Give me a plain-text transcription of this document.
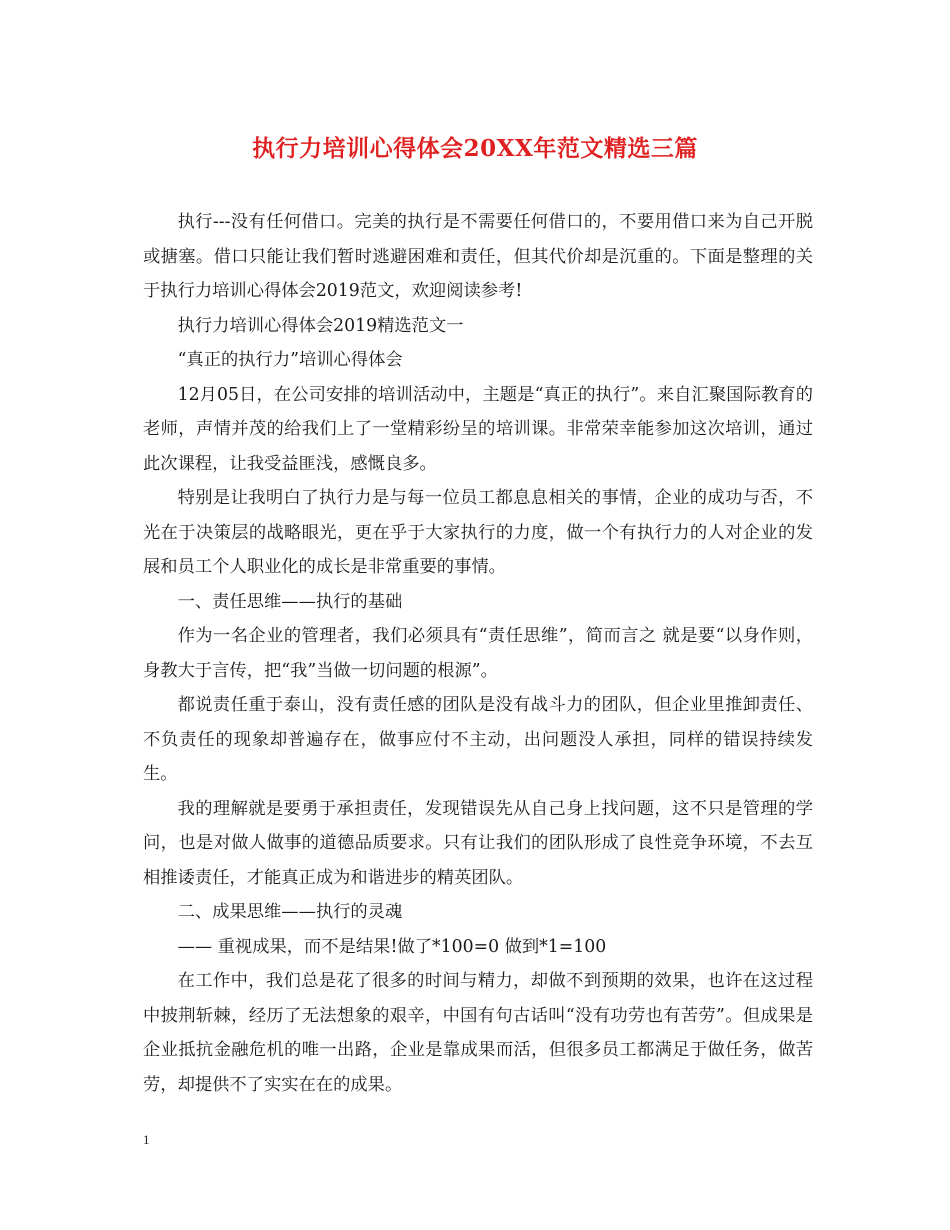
执行力培训心得体会20XX年范文精选三篇

执行---没有任何借口。完美的执行是不需要任何借口的，不要用借口来为自己开脱或搪塞。借口只能让我们暂时逃避困难和责任，但其代价却是沉重的。下面是整理的关于执行力培训心得体会2019范文，欢迎阅读参考!

执行力培训心得体会2019精选范文一

“真正的执行力”培训心得体会

12月05日，在公司安排的培训活动中，主题是“真正的执行”。来自汇聚国际教育的老师，声情并茂的给我们上了一堂精彩纷呈的培训课。非常荣幸能参加这次培训，通过此次课程，让我受益匪浅，感慨良多。

特别是让我明白了执行力是与每一位员工都息息相关的事情，企业的成功与否，不光在于决策层的战略眼光，更在乎于大家执行的力度，做一个有执行力的人对企业的发展和员工个人职业化的成长是非常重要的事情。

一、责任思维——执行的基础

作为一名企业的管理者，我们必须具有“责任思维”，简而言之 就是要“以身作则，身教大于言传，把“我”当做一切问题的根源”。

都说责任重于泰山，没有责任感的团队是没有战斗力的团队，但企业里推卸责任、不负责任的现象却普遍存在，做事应付不主动，出问题没人承担，同样的错误持续发生。

我的理解就是要勇于承担责任，发现错误先从自己身上找问题，这不只是管理的学问，也是对做人做事的道德品质要求。只有让我们的团队形成了良性竞争环境，不去互相推诿责任，才能真正成为和谐进步的精英团队。

二、成果思维——执行的灵魂

—— 重视成果，而不是结果!做了*100=0 做到*1=100

在工作中，我们总是花了很多的时间与精力，却做不到预期的效果，也许在这过程中披荆斩棘，经历了无法想象的艰辛，中国有句古话叫“没有功劳也有苦劳”。但成果是企业抵抗金融危机的唯一出路，企业是靠成果而活，但很多员工都满足于做任务，做苦劳，却提供不了实实在在的成果。

1
